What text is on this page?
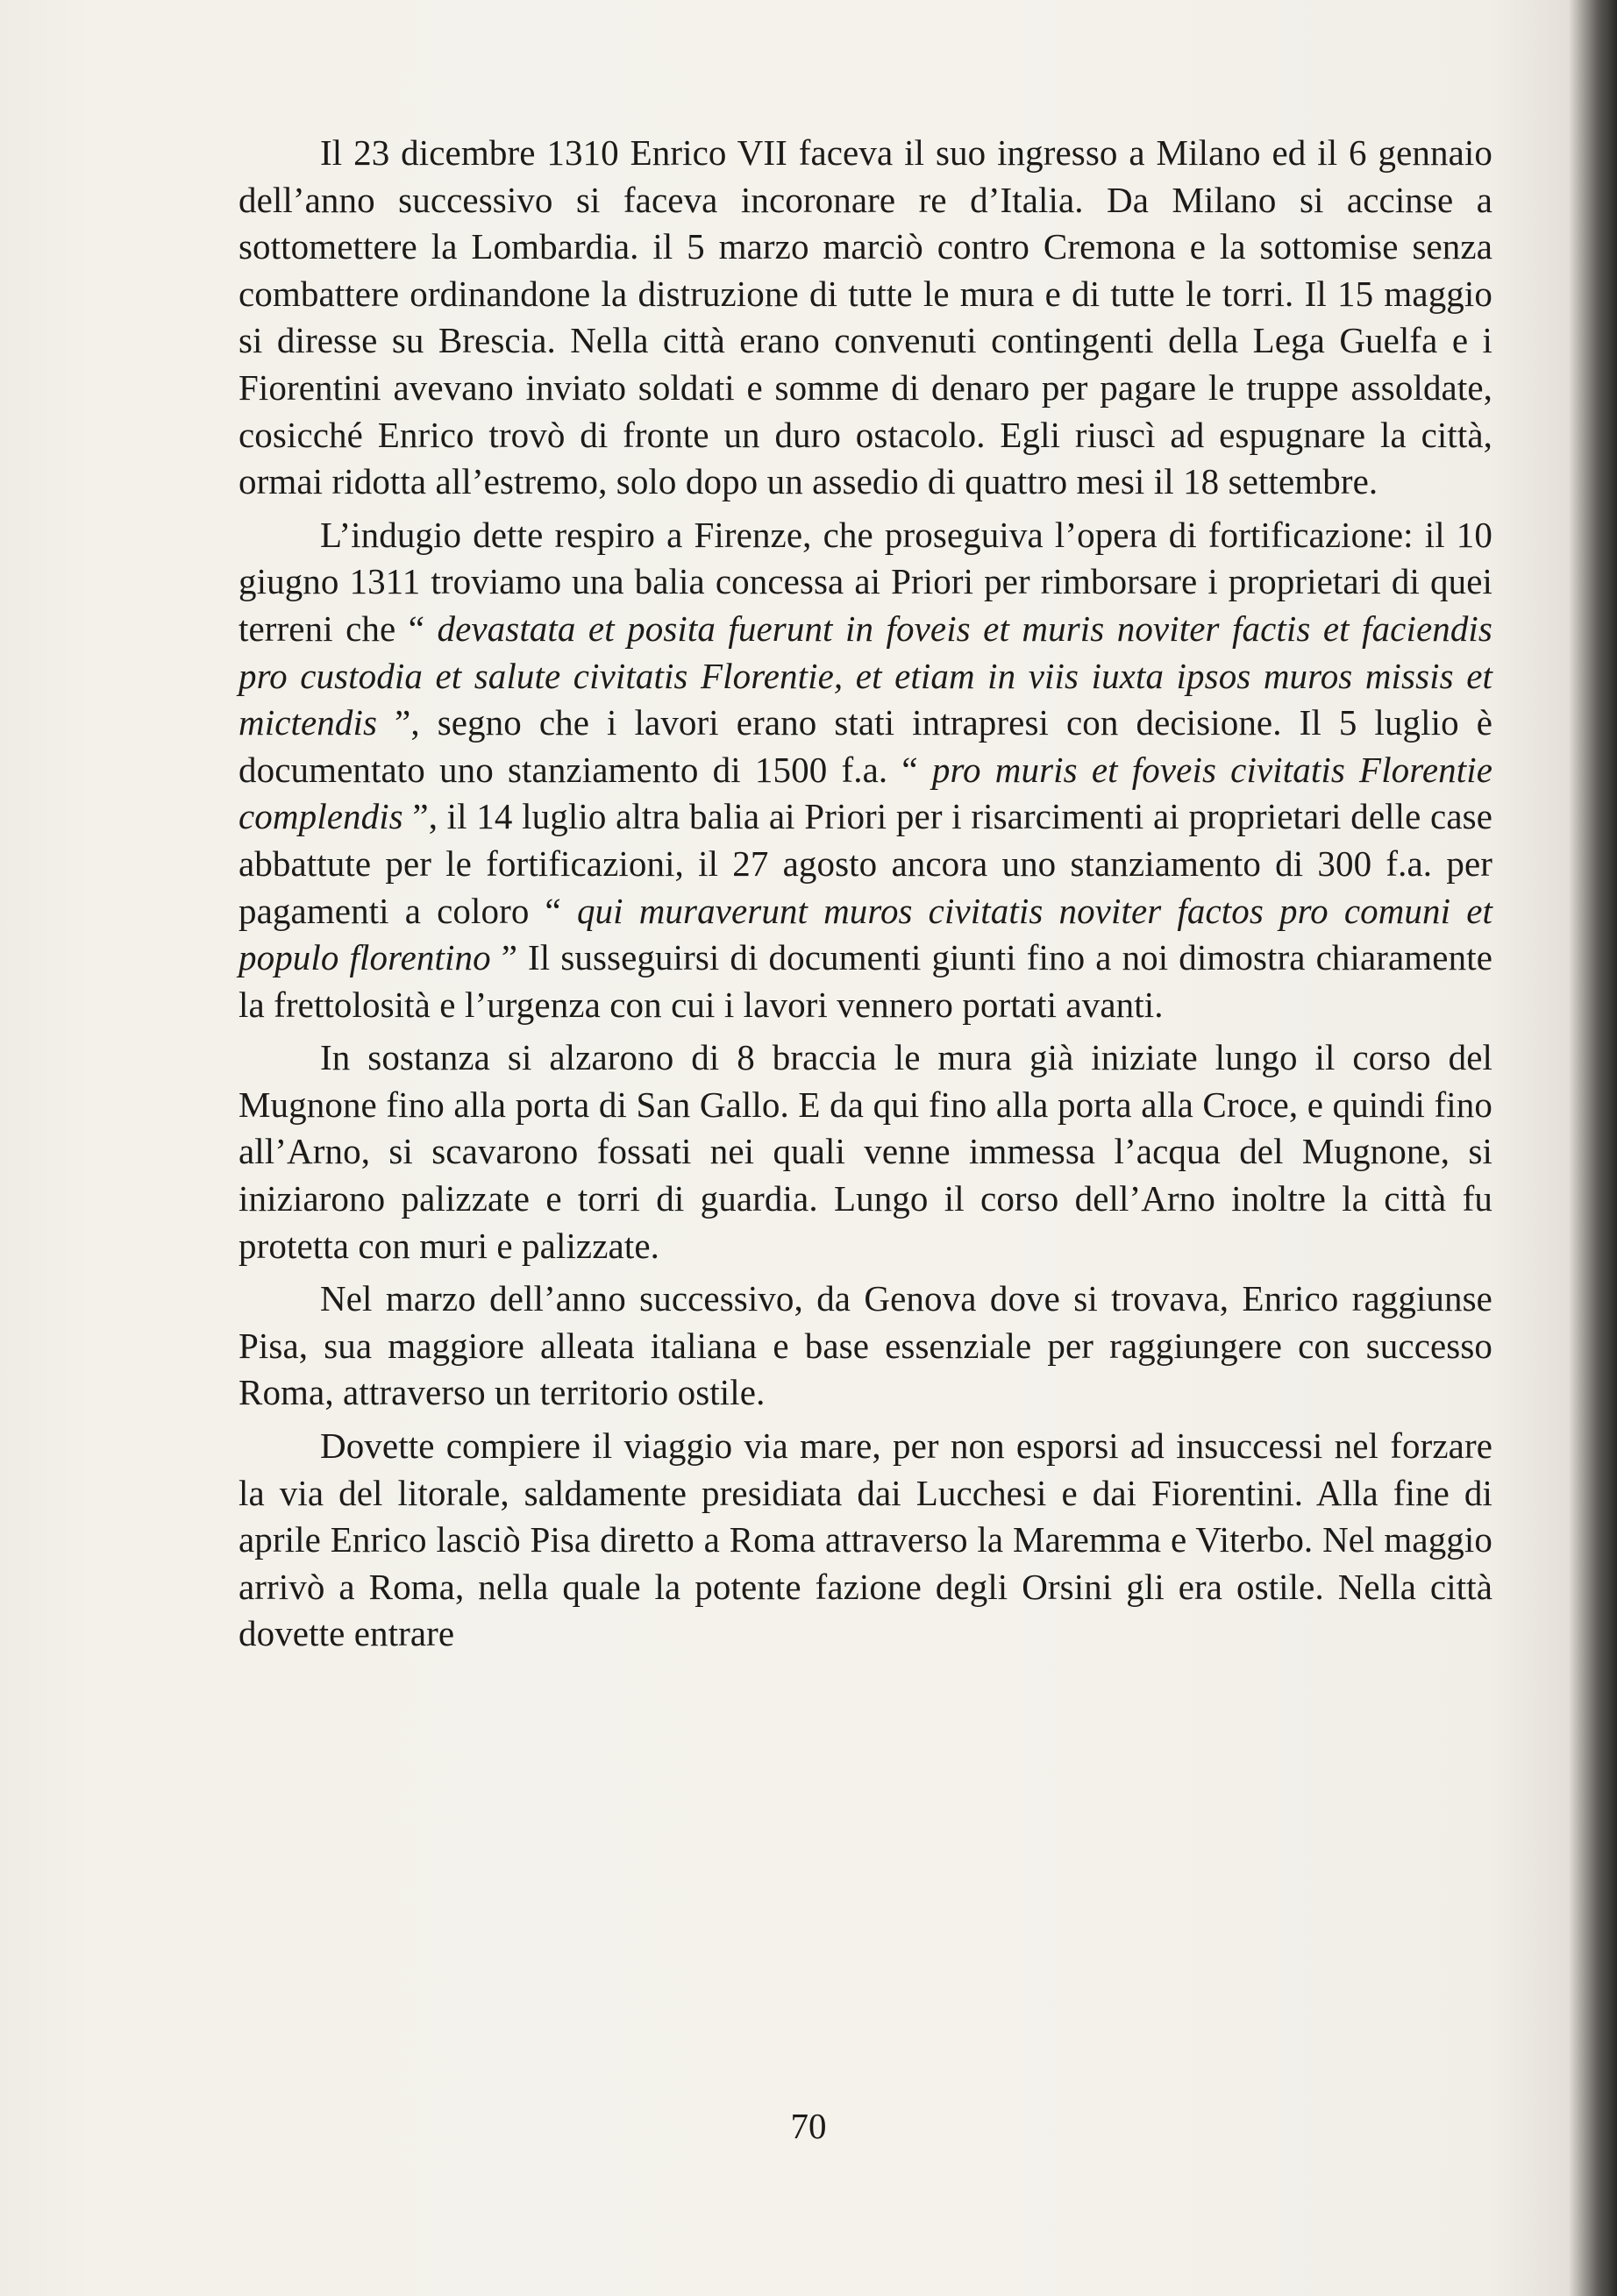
Il 23 dicembre 1310 Enrico VII faceva il suo ingresso a Milano ed il 6 gennaio dell’anno successivo si faceva incoronare re d’Italia. Da Milano si accinse a sottomettere la Lombardia. il 5 marzo marciò contro Cremona e la sottomise senza combattere ordinandone la distruzione di tutte le mura e di tutte le torri. Il 15 maggio si diresse su Brescia. Nella città erano convenuti contingenti della Lega Guelfa e i Fiorentini avevano inviato soldati e somme di denaro per pagare le truppe assoldate, cosicché Enrico trovò di fronte un duro ostacolo. Egli riuscì ad espugnare la città, ormai ridotta all’estremo, solo dopo un assedio di quattro mesi il 18 settembre.

L’indugio dette respiro a Firenze, che proseguiva l’opera di fortificazione: il 10 giugno 1311 troviamo una balia concessa ai Priori per rimborsare i proprietari di quei terreni che “ devastata et posita fuerunt in foveis et muris noviter factis et faciendis pro custodia et salute civitatis Florentie, et etiam in viis iuxta ipsos muros missis et mictendis ”, segno che i lavori erano stati intrapresi con decisione. Il 5 luglio è documentato uno stanziamento di 1500 f.a. “ pro muris et foveis civitatis Florentie complendis ”, il 14 luglio altra balia ai Priori per i risarcimenti ai proprietari delle case abbattute per le fortificazioni, il 27 agosto ancora uno stanziamento di 300 f.a. per pagamenti a coloro “ qui muraverunt muros civitatis noviter factos pro comuni et populo florentino ” Il susseguirsi di documenti giunti fino a noi dimostra chiaramente la frettolosità e l’urgenza con cui i lavori vennero portati avanti.

In sostanza si alzarono di 8 braccia le mura già iniziate lungo il corso del Mugnone fino alla porta di San Gallo. E da qui fino alla porta alla Croce, e quindi fino all’Arno, si scavarono fossati nei quali venne immessa l’acqua del Mugnone, si iniziarono palizzate e torri di guardia. Lungo il corso dell’Arno inoltre la città fu protetta con muri e palizzate.

Nel marzo dell’anno successivo, da Genova dove si trovava, Enrico raggiunse Pisa, sua maggiore alleata italiana e base essenziale per raggiungere con successo Roma, attraverso un territorio ostile.

Dovette compiere il viaggio via mare, per non esporsi ad insuccessi nel forzare la via del litorale, saldamente presidiata dai Lucchesi e dai Fiorentini. Alla fine di aprile Enrico lasciò Pisa diretto a Roma attraverso la Maremma e Viterbo. Nel maggio arrivò a Roma, nella quale la potente fazione degli Orsini gli era ostile. Nella città dovette entrare

70
